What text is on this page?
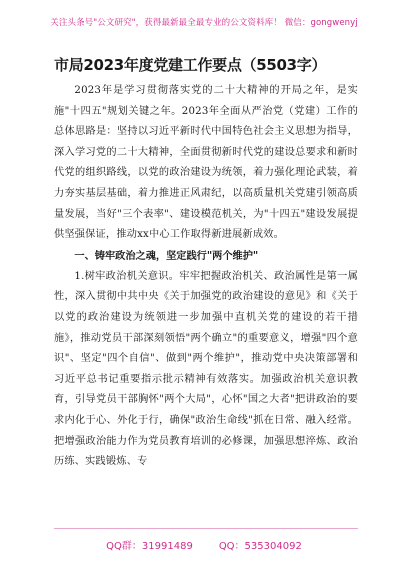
关注头条号"公文研究"，获得最新最全最专业的公文资料库！ 微信：gongwenyj
市局2023年度党建工作要点（5503字）

2023年是学习贯彻落实党的二十大精神的开局之年，是实施"十四五"规划关键之年。2023年全面从严治党（党建）工作的总体思路是：坚持以习近平新时代中国特色社会主义思想为指导，深入学习党的二十大精神，全面贯彻新时代党的建设总要求和新时代党的组织路线，以党的政治建设为统领，着力强化理论武装，着力夯实基层基础，着力推进正风肃纪，以高质量机关党建引领高质量发展，当好"三个表率"、建设模范机关，为"十四五"建设发展提供坚强保证，推动xx中心工作取得新进展新成效。

一、铸牢政治之魂，坚定践行"两个维护"

1.树牢政治机关意识。牢牢把握政治机关、政治属性是第一属性，深入贯彻中共中央《关于加强党的政治建设的意见》和《关于以党的政治建设为统领进一步加强中直机关党的建设的若干措施》，推动党员干部深刻领悟"两个确立"的重要意义，增强"四个意识"、坚定"四个自信"、做到"两个维护"，推动党中央决策部署和习近平总书记重要指示批示精神有效落实。加强政治机关意识教育，引导党员干部胸怀"两个大局"，心怀"国之大者"把讲政治的要求内化于心、外化于行，确保"政治生命线"抓在日常、融入经常。把增强政治能力作为党员教育培训的必修课，加强思想淬炼、政治历练、实践锻炼、专

QQ群：31991489	QQ：535304092
